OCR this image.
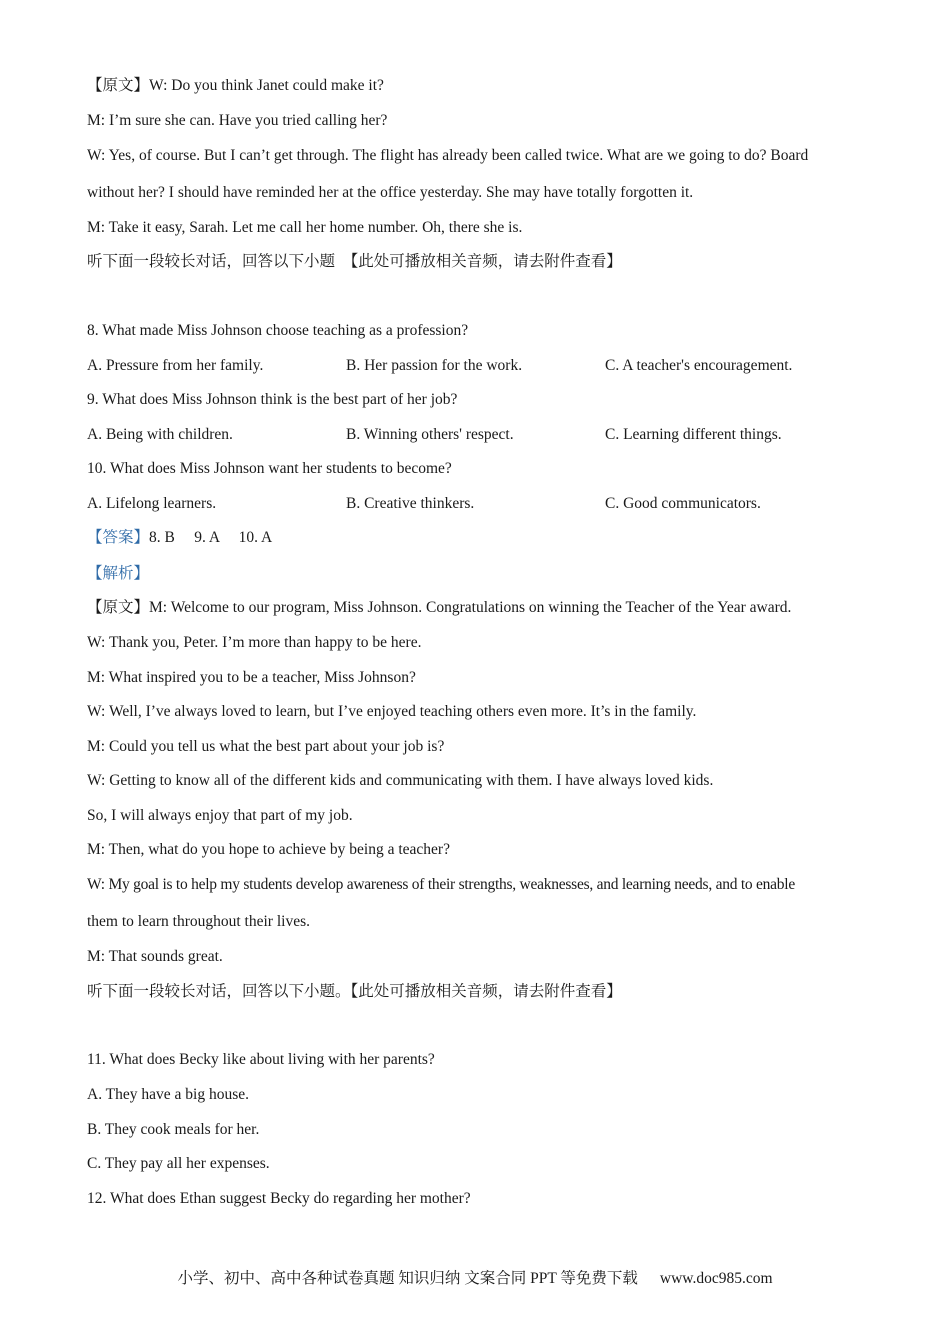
【原文】W: Do you think Janet could make it?
M: I’m sure she can. Have you tried calling her?
W: Yes, of course. But I can’t get through. The flight has already been called twice. What are we going to do? Board
without her? I should have reminded her at the office yesterday. She may have totally forgotten it.
M: Take it easy, Sarah. Let me call her home number. Oh, there she is.
听下面一段较长对话，回答以下小题　【此处可播放相关音频，请去附件查看】
8. What made Miss Johnson choose teaching as a profession?
A. Pressure from her family.	B. Her passion for the work.	C. A teacher's encouragement.
9. What does Miss Johnson think is the best part of her job?
A. Being with children.	B. Winning others' respect.	C. Learning different things.
10. What does Miss Johnson want her students to become?
A. Lifelong learners.	B. Creative thinkers.	C. Good communicators.
【答案】8. B　 9. A　 10. A
【解析】
【原文】M: Welcome to our program, Miss Johnson. Congratulations on winning the Teacher of the Year award.
W: Thank you, Peter. I’m more than happy to be here.
M: What inspired you to be a teacher, Miss Johnson?
W: Well, I’ve always loved to learn, but I’ve enjoyed teaching others even more. It’s in the family.
M: Could you tell us what the best part about your job is?
W: Getting to know all of the different kids and communicating with them. I have always loved kids.
So, I will always enjoy that part of my job.
M: Then, what do you hope to achieve by being a teacher?
W: My goal is to help my students develop awareness of their strengths, weaknesses, and learning needs, and to enable
them to learn throughout their lives.
M: That sounds great.
听下面一段较长对话，回答以下小题。【此处可播放相关音频，请去附件查看】
11. What does Becky like about living with her parents?
A. They have a big house.
B. They cook meals for her.
C. They pay all her expenses.
12. What does Ethan suggest Becky do regarding her mother?
小学、初中、高中各种试卷真题 知识归纳 文案合同 PPT 等免费下载 www.doc985.com
